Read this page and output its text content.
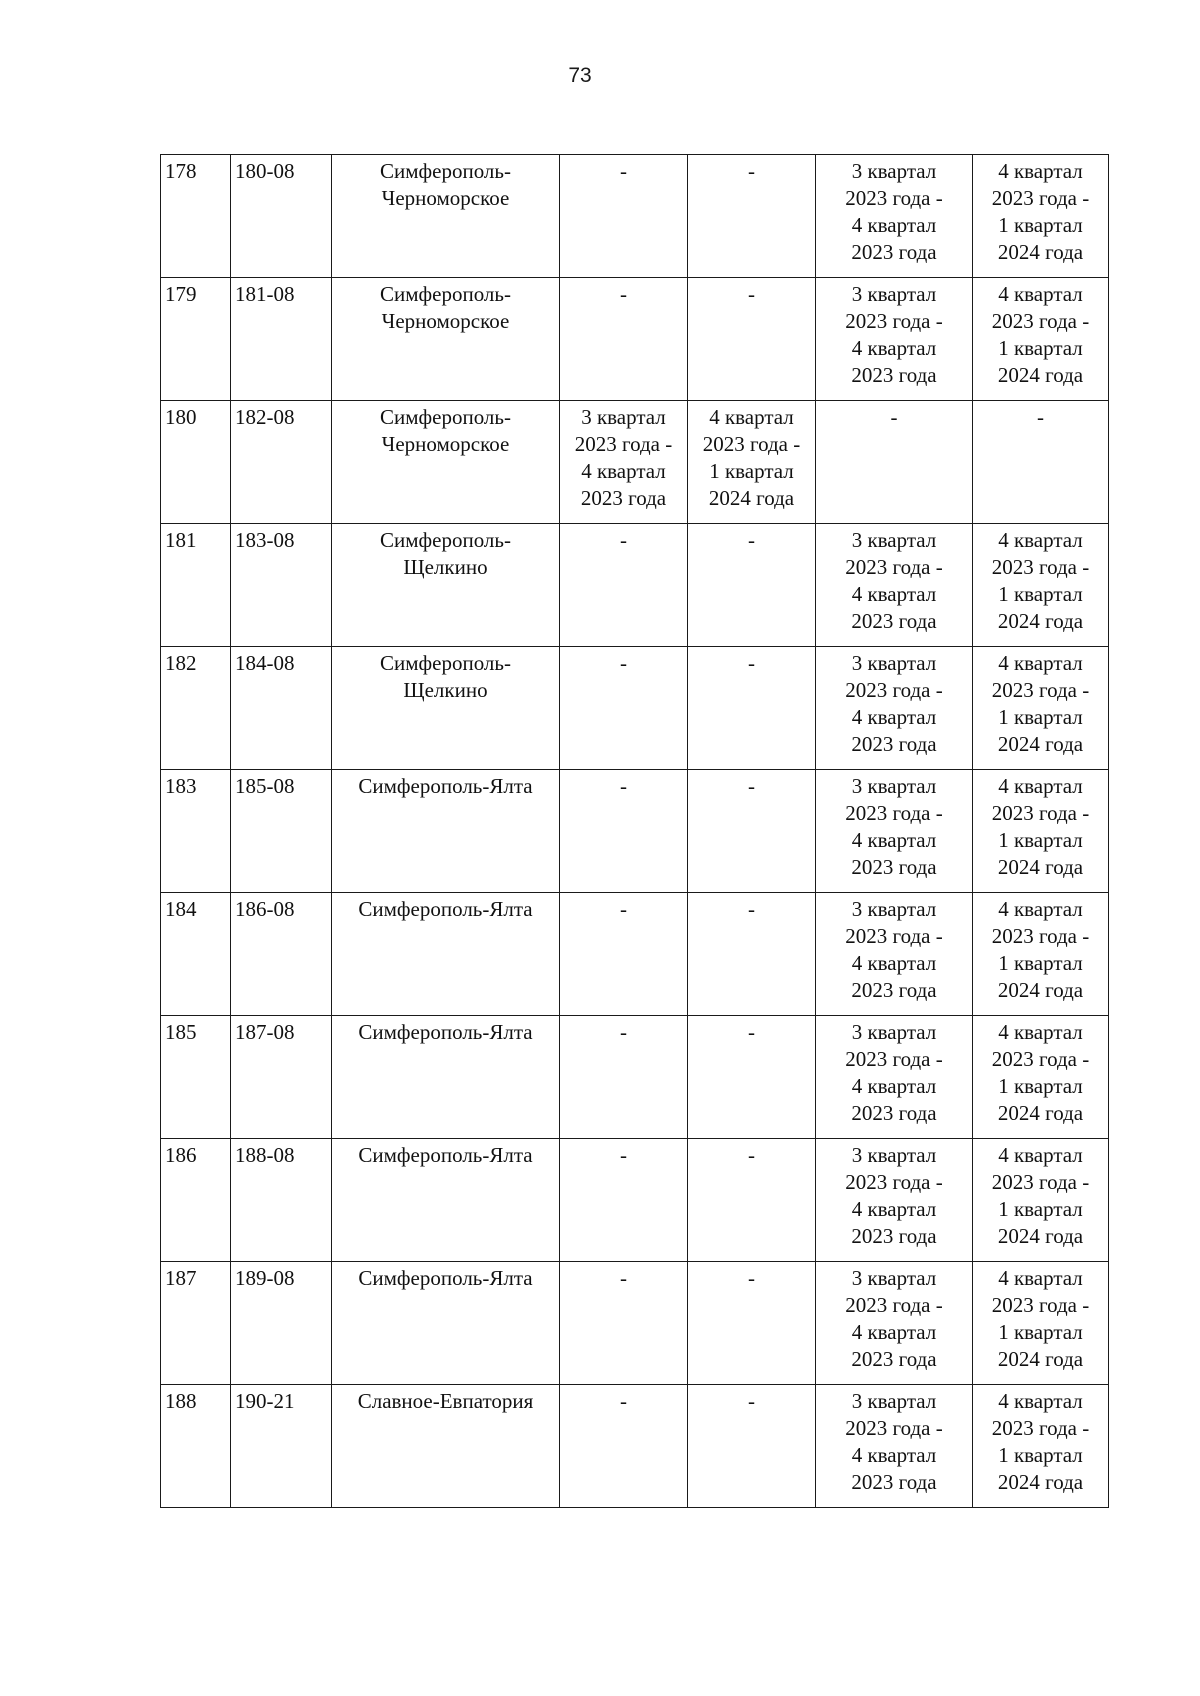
73
178	180-08	Симферополь-
Черноморское	-	-	3 квартал
2023 года -
4 квартал
2023 года	4 квартал
2023 года -
1 квартал
2024 года

179	181-08	Симферополь-
Черноморское	-	-	3 квартал
2023 года -
4 квартал
2023 года	4 квартал
2023 года -
1 квартал
2024 года

180	182-08	Симферополь-
Черноморское	3 квартал
2023 года -
4 квартал
2023 года	4 квартал
2023 года -
1 квартал
2024 года	-	-

181	183-08	Симферополь-
Щелкино	-	-	3 квартал
2023 года -
4 квартал
2023 года	4 квартал
2023 года -
1 квартал
2024 года

182	184-08	Симферополь-
Щелкино	-	-	3 квартал
2023 года -
4 квартал
2023 года	4 квартал
2023 года -
1 квартал
2024 года

183	185-08	Симферополь-Ялта	-	-	3 квартал
2023 года -
4 квартал
2023 года	4 квартал
2023 года -
1 квартал
2024 года

184	186-08	Симферополь-Ялта	-	-	3 квартал
2023 года -
4 квартал
2023 года	4 квартал
2023 года -
1 квартал
2024 года

185	187-08	Симферополь-Ялта	-	-	3 квартал
2023 года -
4 квартал
2023 года	4 квартал
2023 года -
1 квартал
2024 года

186	188-08	Симферополь-Ялта	-	-	3 квартал
2023 года -
4 квартал
2023 года	4 квартал
2023 года -
1 квартал
2024 года

187	189-08	Симферополь-Ялта	-	-	3 квартал
2023 года -
4 квартал
2023 года	4 квартал
2023 года -
1 квартал
2024 года

188	190-21	Славное-Евпатория	-	-	3 квартал
2023 года -
4 квартал
2023 года	4 квартал
2023 года -
1 квартал
2024 года
